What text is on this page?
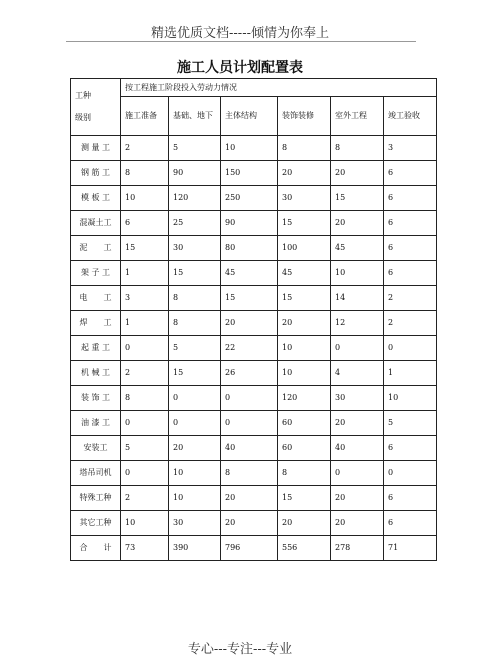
精选优质文档-----倾情为你奉上
施工人员计划配置表
工种
级别	按工程施工阶段投入劳动力情况					
	施工准备	基础、地下	主体结构	装饰装修	室外工程	竣工验收
测 量 工	2	5	10	8	8	3
钢 筋 工	8	90	150	20	20	6
模 板 工	10	120	250	30	15	6
混凝土工	6	25	90	15	20	6
泥　　工	15	30	80	100	45	6
架 子 工	1	15	45	45	10	6
电　　工	3	8	15	15	14	2
焊　　工	1	8	20	20	12	2
起 重 工	0	5	22	10	0	0
机 械 工	2	15	26	10	4	1
装 饰 工	8	0	0	120	30	10
油 漆 工	0	0	0	60	20	5
安装工	5	20	40	60	40	6
塔吊司机	0	10	8	8	0	0
特殊工种	2	10	20	15	20	6
其它工种	10	30	20	20	20	6
合　　计	73	390	796	556	278	71
专心---专注---专业
